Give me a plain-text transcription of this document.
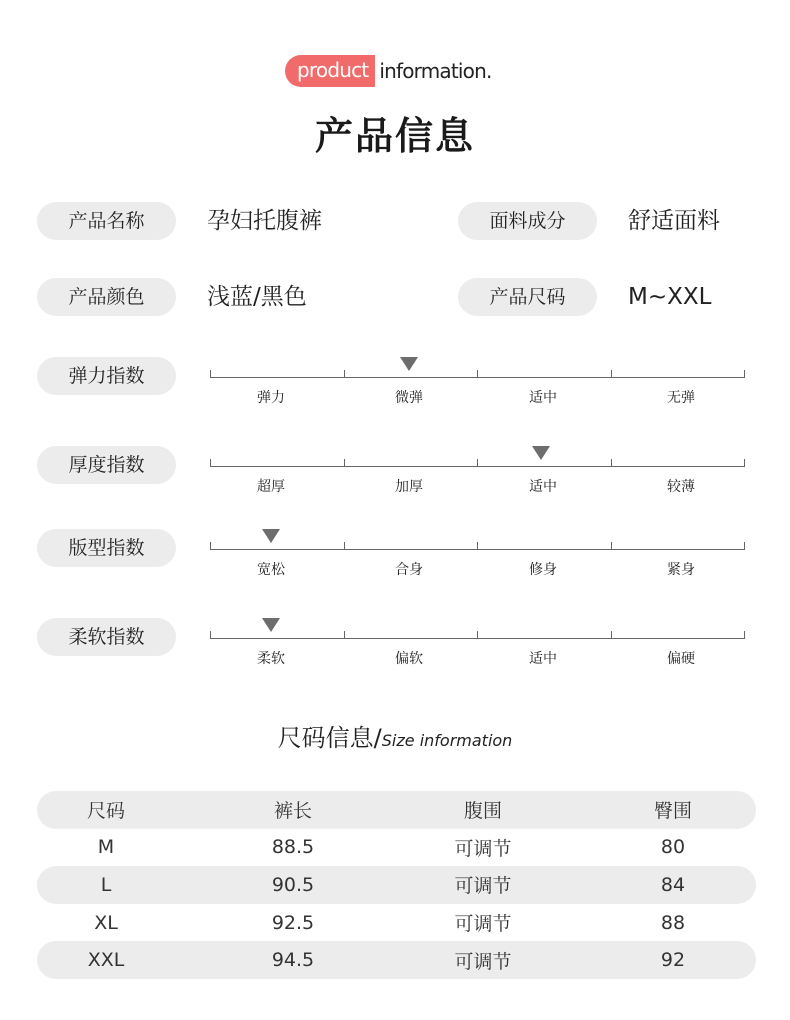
product information.
产品信息
产品名称	孕妇托腹裤	面料成分	舒适面料
产品颜色	浅蓝/黑色	产品尺码	M~XXL
弹力指数
弹力	微弹	适中	无弹
厚度指数
超厚	加厚	适中	较薄
版型指数
宽松	合身	修身	紧身
柔软指数
柔软	偏软	适中	偏硬
尺码信息/Size information
尺码	裤长	腹围	臀围
M	88.5	可调节	80
L	90.5	可调节	84
XL	92.5	可调节	88
XXL	94.5	可调节	92
